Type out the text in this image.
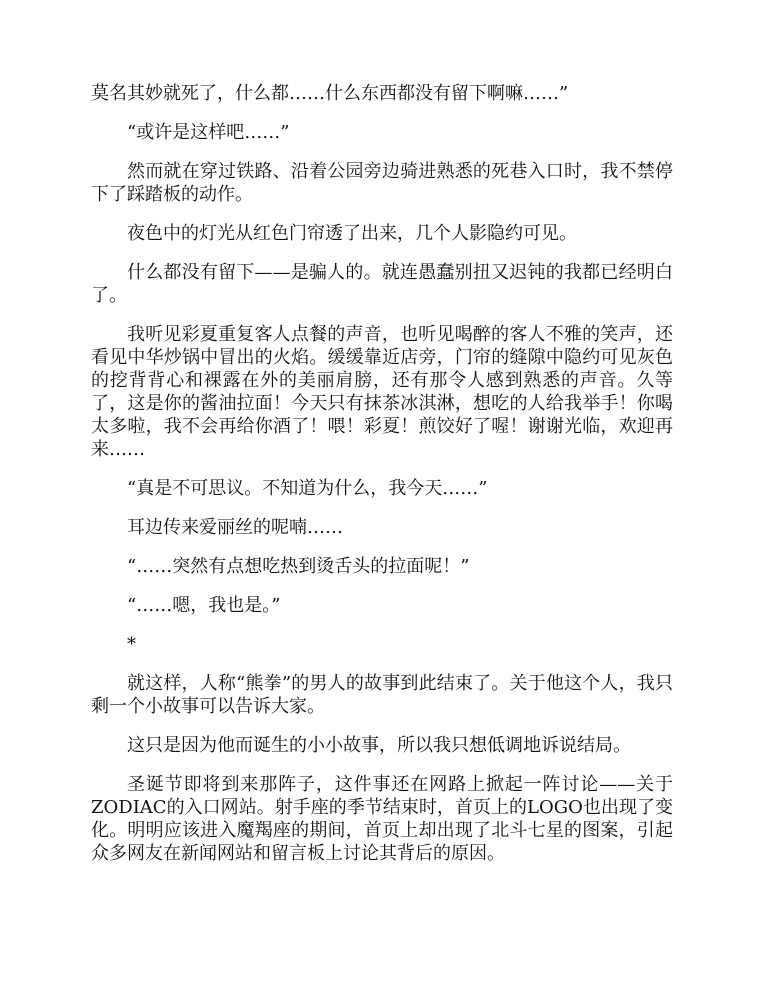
莫名其妙就死了，什么都……什么东西都没有留下啊嘛……”

“或许是这样吧……”

然而就在穿过铁路、沿着公园旁边骑进熟悉的死巷入口时，我不禁停下了踩踏板的动作。

夜色中的灯光从红色门帘透了出来，几个人影隐约可见。

什么都没有留下——是骗人的。就连愚蠢别扭又迟钝的我都已经明白了。

我听见彩夏重复客人点餐的声音，也听见喝醉的客人不雅的笑声，还看见中华炒锅中冒出的火焰。缓缓靠近店旁，门帘的缝隙中隐约可见灰色的挖背背心和裸露在外的美丽肩膀，还有那令人感到熟悉的声音。久等了，这是你的酱油拉面！今天只有抹茶冰淇淋，想吃的人给我举手！你喝太多啦，我不会再给你酒了！喂！彩夏！煎饺好了喔！谢谢光临，欢迎再来……

“真是不可思议。不知道为什么，我今天……”

耳边传来爱丽丝的呢喃……

“……突然有点想吃热到烫舌头的拉面呢！”

“……嗯，我也是。”

*

就这样，人称“熊拳”的男人的故事到此结束了。关于他这个人，我只剩一个小故事可以告诉大家。

这只是因为他而诞生的小小故事，所以我只想低调地诉说结局。

圣诞节即将到来那阵子，这件事还在网路上掀起一阵讨论——关于ZODIAC的入口网站。射手座的季节结束时，首页上的LOGO也出现了变化。明明应该进入魔羯座的期间，首页上却出现了北斗七星的图案，引起众多网友在新闻网站和留言板上讨论其背后的原因。
